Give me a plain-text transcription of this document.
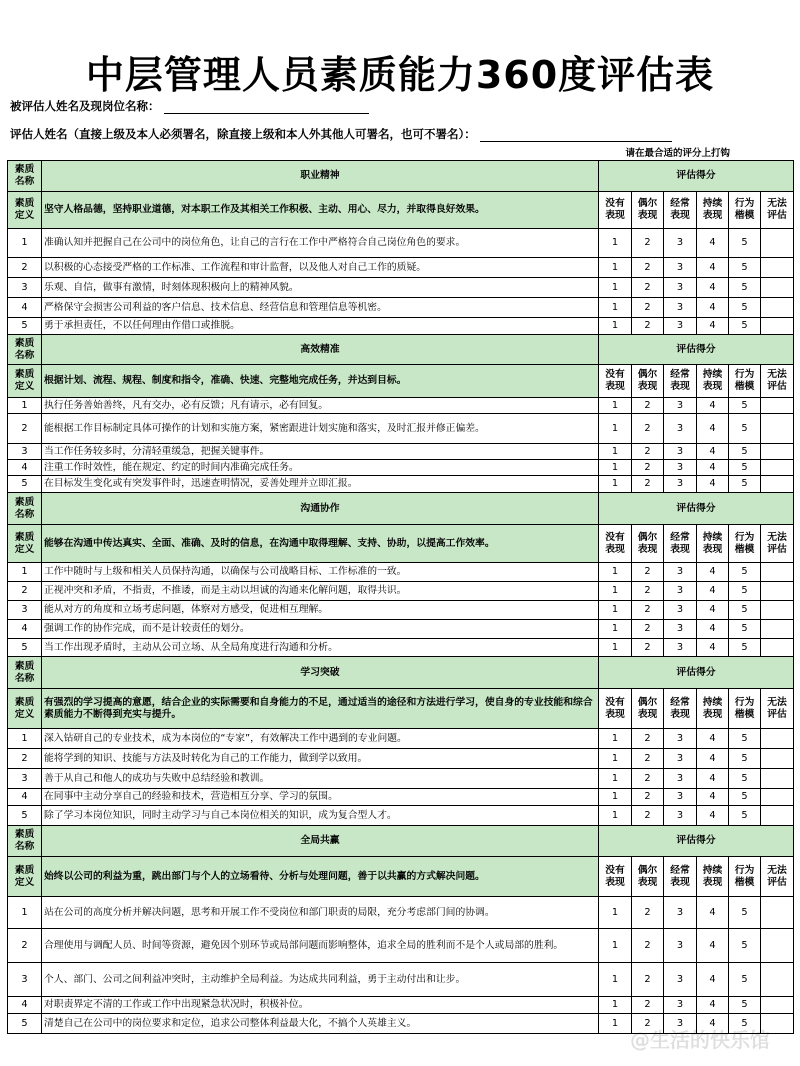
中层管理人员素质能力360度评估表
被评估人姓名及现岗位名称：
评估人姓名（直接上级及本人必须署名，除直接上级和本人外其他人可署名，也可不署名）：
请在最合适的评分上打钩
素质名称	职业精神	评估得分					
素质定义	坚守人格品德，坚持职业道德，对本职工作及其相关工作积极、主动、用心、尽力，并取得良好效果。	没有表现	偶尔表现	经常表现	持续表现	行为楷模	无法评估
1	准确认知并把握自己在公司中的岗位角色，让自己的言行在工作中严格符合自己岗位角色的要求。	1	2	3	4	5	
2	以积极的心态接受严格的工作标准、工作流程和审计监督，以及他人对自己工作的质疑。	1	2	3	4	5	
3	乐观、自信，做事有激情，时刻体现积极向上的精神风貌。	1	2	3	4	5	
4	严格保守会损害公司利益的客户信息、技术信息、经营信息和管理信息等机密。	1	2	3	4	5	
5	勇于承担责任，不以任何理由作借口或推脱。	1	2	3	4	5	
素质名称	高效精准	评估得分					
素质定义	根据计划、流程、规程、制度和指令，准确、快速、完整地完成任务，并达到目标。	没有表现	偶尔表现	经常表现	持续表现	行为楷模	无法评估
1	执行任务善始善终，凡有交办，必有反馈；凡有请示，必有回复。	1	2	3	4	5	
2	能根据工作目标制定具体可操作的计划和实施方案，紧密跟进计划实施和落实，及时汇报并修正偏差。	1	2	3	4	5	
3	当工作任务较多时，分清轻重缓急，把握关键事件。	1	2	3	4	5	
4	注重工作时效性，能在规定、约定的时间内准确完成任务。	1	2	3	4	5	
5	在目标发生变化或有突发事件时，迅速查明情况，妥善处理并立即汇报。	1	2	3	4	5	
素质名称	沟通协作	评估得分					
素质定义	能够在沟通中传达真实、全面、准确、及时的信息，在沟通中取得理解、支持、协助，以提高工作效率。	没有表现	偶尔表现	经常表现	持续表现	行为楷模	无法评估
1	工作中随时与上级和相关人员保持沟通，以确保与公司战略目标、工作标准的一致。	1	2	3	4	5	
2	正视冲突和矛盾，不指责，不推诿，而是主动以坦诚的沟通来化解问题，取得共识。	1	2	3	4	5	
3	能从对方的角度和立场考虑问题，体察对方感受，促进相互理解。	1	2	3	4	5	
4	强调工作的协作完成，而不是计较责任的划分。	1	2	3	4	5	
5	当工作出现矛盾时，主动从公司立场、从全局角度进行沟通和分析。	1	2	3	4	5	
素质名称	学习突破	评估得分					
素质定义	有强烈的学习提高的意愿，结合企业的实际需要和自身能力的不足，通过适当的途径和方法进行学习，使自身的专业技能和综合素质能力不断得到充实与提升。	没有表现	偶尔表现	经常表现	持续表现	行为楷模	无法评估
1	深入钻研自己的专业技术，成为本岗位的“专家”，有效解决工作中遇到的专业问题。	1	2	3	4	5	
2	能将学到的知识、技能与方法及时转化为自己的工作能力，做到学以致用。	1	2	3	4	5	
3	善于从自己和他人的成功与失败中总结经验和教训。	1	2	3	4	5	
4	在同事中主动分享自己的经验和技术，营造相互分享、学习的氛围。	1	2	3	4	5	
5	除了学习本岗位知识，同时主动学习与自己本岗位相关的知识，成为复合型人才。	1	2	3	4	5	
素质名称	全局共赢	评估得分					
素质定义	始终以公司的利益为重，跳出部门与个人的立场看待、分析与处理问题，善于以共赢的方式解决问题。	没有表现	偶尔表现	经常表现	持续表现	行为楷模	无法评估
1	站在公司的高度分析并解决问题，思考和开展工作不受岗位和部门职责的局限，充分考虑部门间的协调。	1	2	3	4	5	
2	合理使用与调配人员、时间等资源，避免因个别环节或局部问题而影响整体，追求全局的胜利而不是个人或局部的胜利。	1	2	3	4	5	
3	个人、部门、公司之间利益冲突时，主动维护全局利益。为达成共同利益，勇于主动付出和让步。	1	2	3	4	5	
4	对职责界定不清的工作或工作中出现紧急状况时，积极补位。	1	2	3	4	5	
5	清楚自己在公司中的岗位要求和定位，追求公司整体利益最大化，不搞个人英雄主义。	1	2	3	4	5	
@生活的快乐馆
